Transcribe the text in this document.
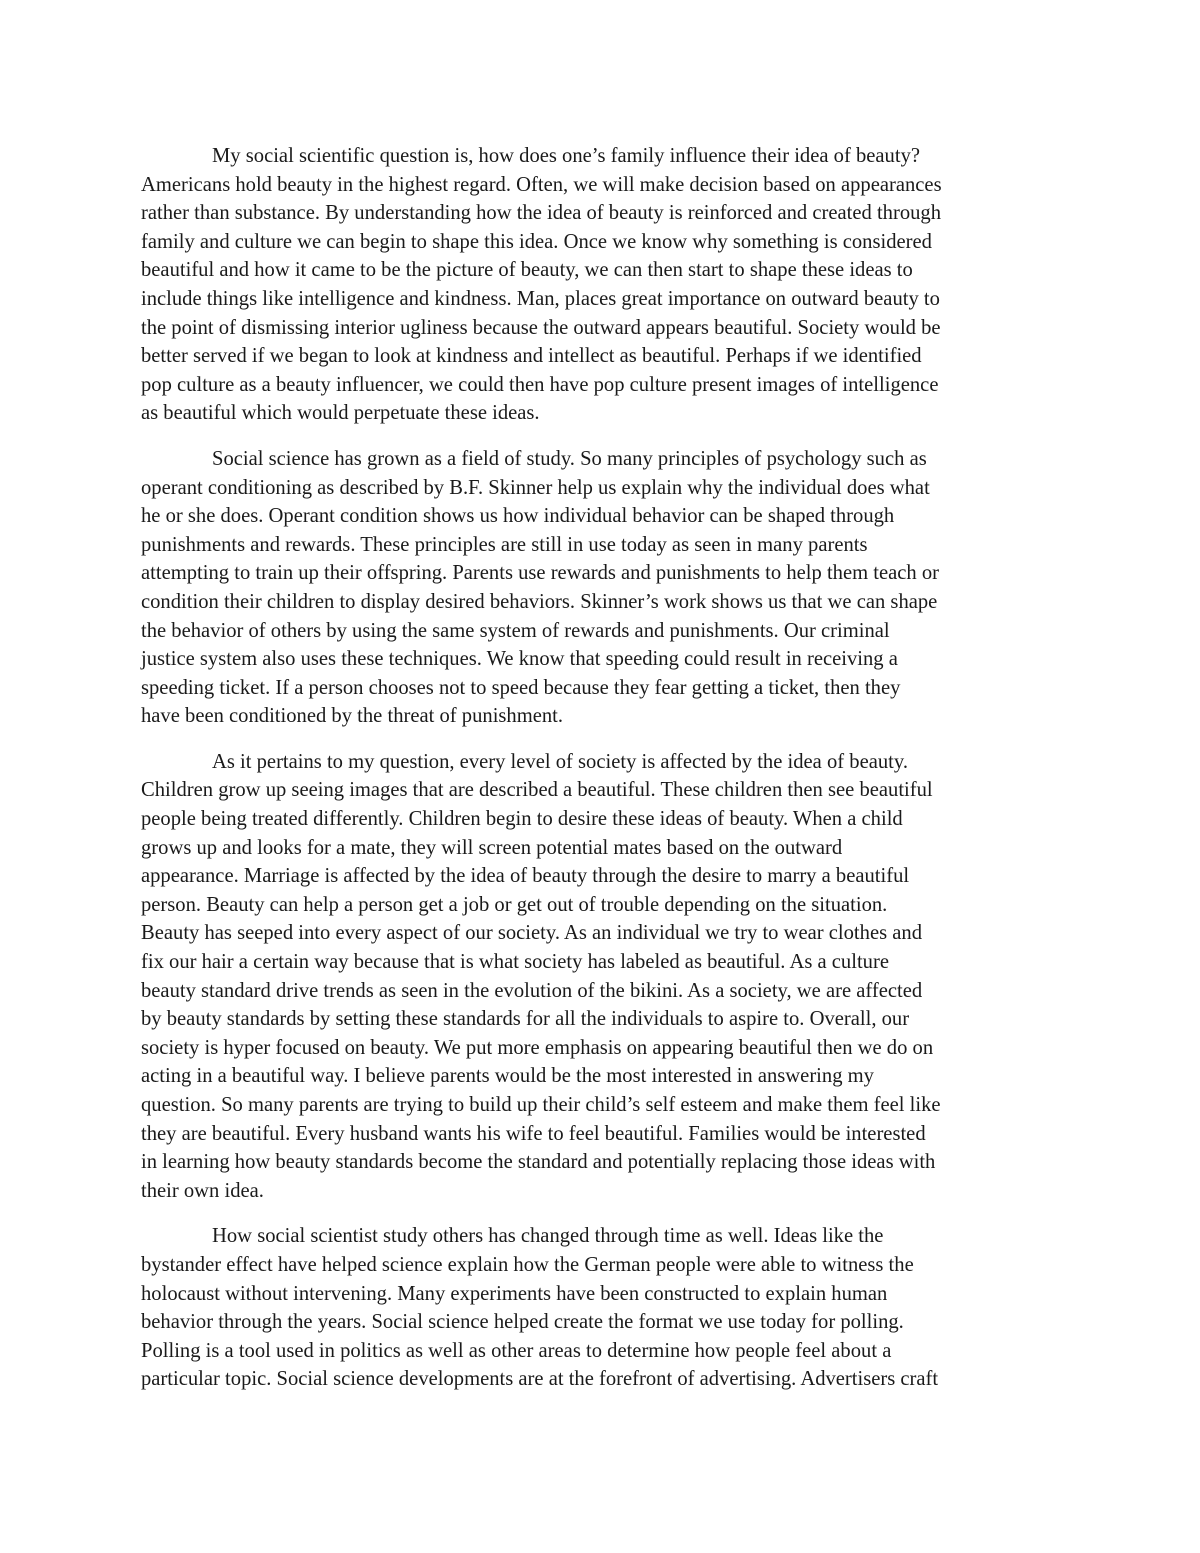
My social scientific question is, how does one’s family influence their idea of beauty?
Americans hold beauty in the highest regard. Often, we will make decision based on appearances
rather than substance. By understanding how the idea of beauty is reinforced and created through
family and culture we can begin to shape this idea. Once we know why something is considered
beautiful and how it came to be the picture of beauty, we can then start to shape these ideas to
include things like intelligence and kindness. Man, places great importance on outward beauty to
the point of dismissing interior ugliness because the outward appears beautiful. Society would be
better served if we began to look at kindness and intellect as beautiful. Perhaps if we identified
pop culture as a beauty influencer, we could then have pop culture present images of intelligence
as beautiful which would perpetuate these ideas.

Social science has grown as a field of study. So many principles of psychology such as
operant conditioning as described by B.F. Skinner help us explain why the individual does what
he or she does. Operant condition shows us how individual behavior can be shaped through
punishments and rewards. These principles are still in use today as seen in many parents
attempting to train up their offspring. Parents use rewards and punishments to help them teach or
condition their children to display desired behaviors. Skinner’s work shows us that we can shape
the behavior of others by using the same system of rewards and punishments. Our criminal
justice system also uses these techniques. We know that speeding could result in receiving a
speeding ticket. If a person chooses not to speed because they fear getting a ticket, then they
have been conditioned by the threat of punishment.

As it pertains to my question, every level of society is affected by the idea of beauty.
Children grow up seeing images that are described a beautiful. These children then see beautiful
people being treated differently. Children begin to desire these ideas of beauty. When a child
grows up and looks for a mate, they will screen potential mates based on the outward
appearance. Marriage is affected by the idea of beauty through the desire to marry a beautiful
person. Beauty can help a person get a job or get out of trouble depending on the situation.
Beauty has seeped into every aspect of our society. As an individual we try to wear clothes and
fix our hair a certain way because that is what society has labeled as beautiful. As a culture
beauty standard drive trends as seen in the evolution of the bikini. As a society, we are affected
by beauty standards by setting these standards for all the individuals to aspire to. Overall, our
society is hyper focused on beauty. We put more emphasis on appearing beautiful then we do on
acting in a beautiful way. I believe parents would be the most interested in answering my
question. So many parents are trying to build up their child’s self esteem and make them feel like
they are beautiful. Every husband wants his wife to feel beautiful. Families would be interested
in learning how beauty standards become the standard and potentially replacing those ideas with
their own idea.

How social scientist study others has changed through time as well. Ideas like the
bystander effect have helped science explain how the German people were able to witness the
holocaust without intervening. Many experiments have been constructed to explain human
behavior through the years. Social science helped create the format we use today for polling.
Polling is a tool used in politics as well as other areas to determine how people feel about a
particular topic. Social science developments are at the forefront of advertising. Advertisers craft
